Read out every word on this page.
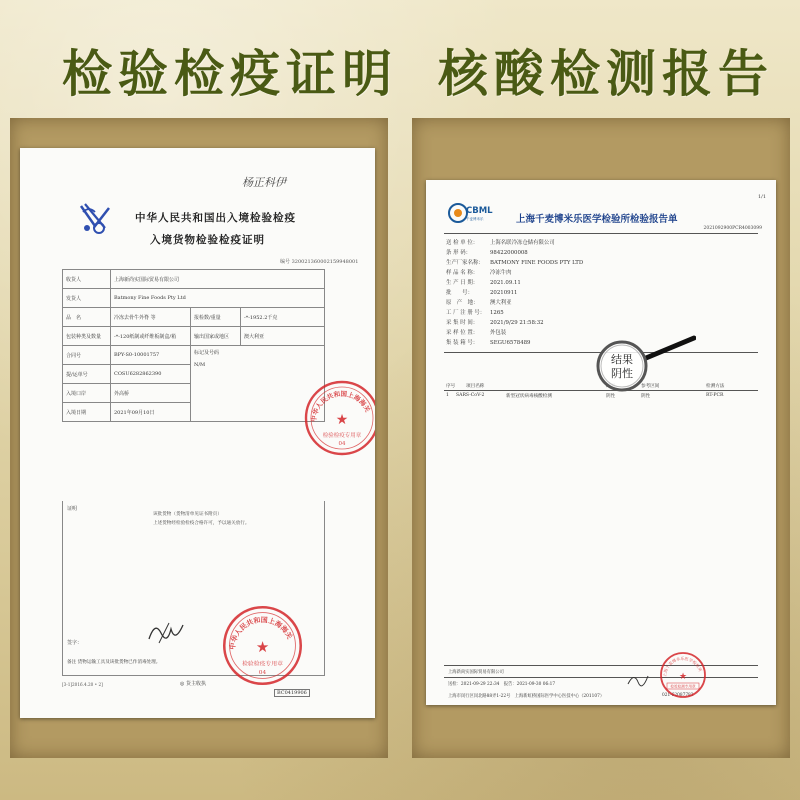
检验检疫证明 核酸检测报告
杨正科伊
中华人民共和国出入境检验检疫
入境货物检验检疫证明
编号 320021360002159948001
收货人	上海新尚实国际贸易有限公司		
发货人	Batmony Fine Foods Pty Ltd		
品　名	冷冻去骨牛外脊 等	报检数/重量	-*-1952.2千克
包装种类及数量	-*-120纸制或纤维板制盒/箱	输出国家或地区	澳大利亚
合同号	BPY-S0-10001757	标记及号码
N/M	

提/运单号	COSU6282862390		
入境口岸	外高桥		
入境日期	2021年09月10日		
证明
该批货物（货物清单见证书附页）
上述货物经检验检疫合格许可，予以通关放行。
签字：
备注 货物运输工具及该批货物已作消毒处理。
[3-1]2016.4.20 • 2]	◎ 货主收执
BC0419906
中华人民共和国上海海关
★
检验检疫专用章
04
中华人民共和国上海海关
★
检验检疫专用章
04
1/1
CBML
千麦博米乐	上海千麦博米乐医学检验所检验报告单
2021092900PCR4003099
送 检 单 位： 上海名联冷冻仓储有限公司
条 形 码：	98422000008
生产厂家名称： BATMONY FINE FOODS PTY LTD
样 品 名 称： 冷冻牛肉
生 产 日 期： 2021.09.11
批　　号：	20210911
原　产　地： 澳大利亚
工 厂 注 册 号： 1265
采 集 时 间： 2021/9/29 21:58:32
采 样 位 置： 外包装
集 装 箱 号： SEGU6578489
序号 项目名称	参考区间	检测方法
1 SARS-CoV-2	新型冠状病毒核酸检测	阴性	阴性	RT-PCR
结果
阴性
上海新尚实国际贸易有限公司
送检：2021-09-29 22:34　报告：2021-09-30 06:17
上海市闵行区闵北路88弄1-22号　上海新虹桥国际医学中心医技中心（201107）	021-62087783
上海千麦博米乐医学检验所
★
检验检测专用章
